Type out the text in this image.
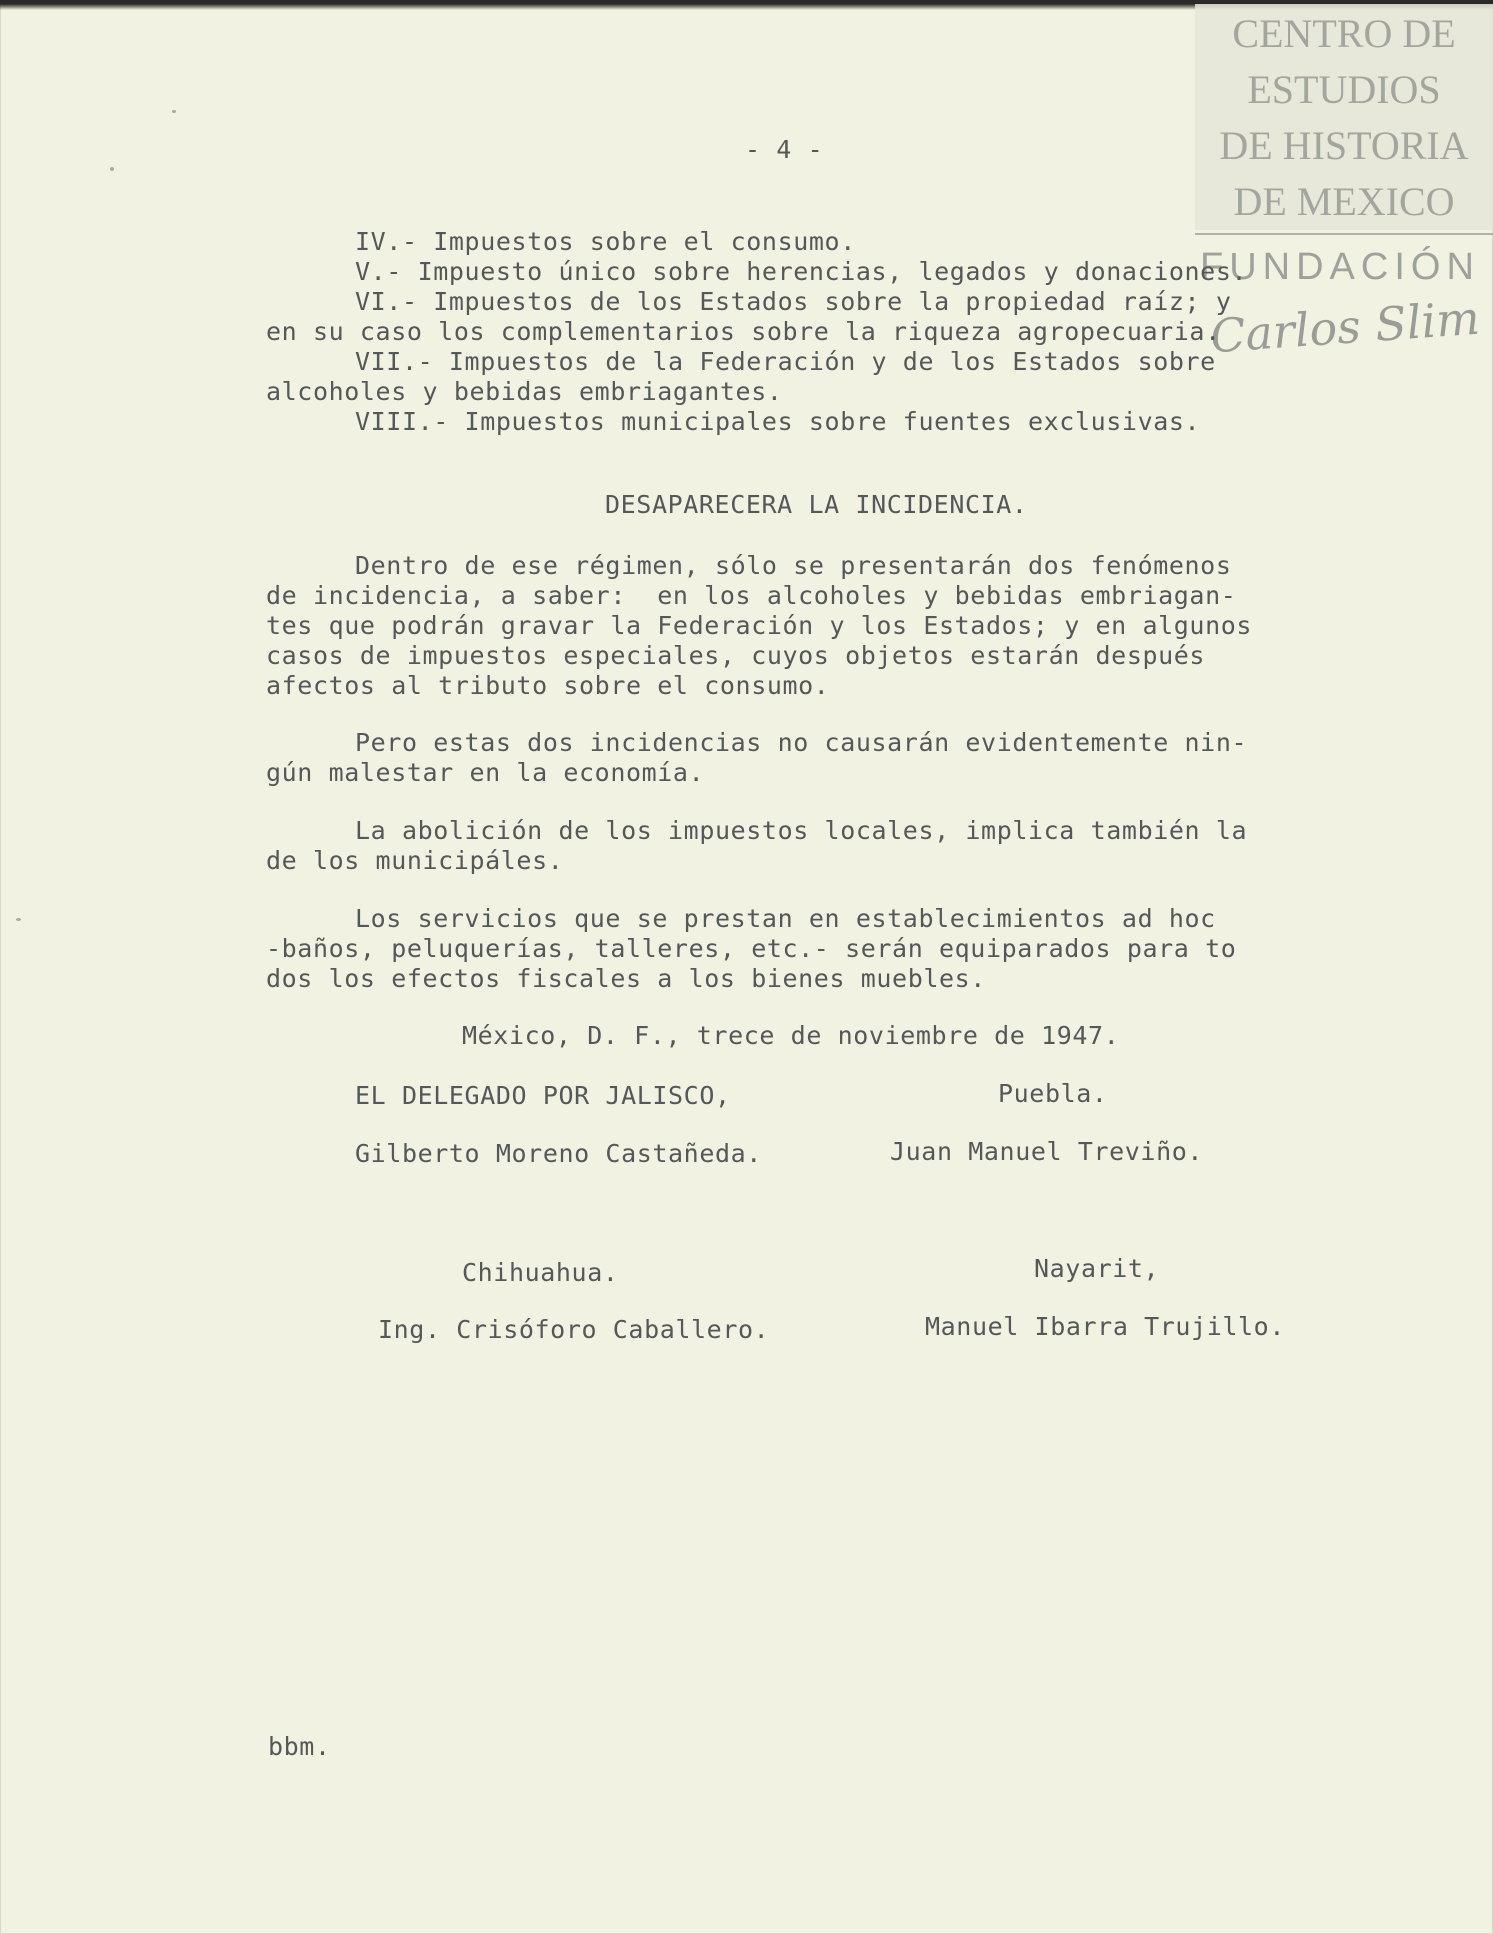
CENTRO DE
ESTUDIOS
DE HISTORIA
DE MEXICO
FUNDACIÓN
Carlos Slim
- 4 -
IV.- Impuestos sobre el consumo.
V.- Impuesto único sobre herencias, legados y donaciones.
VI.- Impuestos de los Estados sobre la propiedad raíz; y
en su caso los complementarios sobre la riqueza agropecuaria.
VII.- Impuestos de la Federación y de los Estados sobre
alcoholes y bebidas embriagantes.
VIII.- Impuestos municipales sobre fuentes exclusivas.
DESAPARECERA LA INCIDENCIA.
Dentro de ese régimen, sólo se presentarán dos fenómenos
de incidencia, a saber:  en los alcoholes y bebidas embriagan-
tes que podrán gravar la Federación y los Estados; y en algunos
casos de impuestos especiales, cuyos objetos estarán después
afectos al tributo sobre el consumo.
Pero estas dos incidencias no causarán evidentemente nin-
gún malestar en la economía.
La abolición de los impuestos locales, implica también la
de los municipáles.
Los servicios que se prestan en establecimientos ad hoc
-baños, peluquerías, talleres, etc.- serán equiparados para to
dos los efectos fiscales a los bienes muebles.
México, D. F., trece de noviembre de 1947.
EL DELEGADO POR JALISCO,	Puebla.
Gilberto Moreno Castañeda.	Juan Manuel Treviño.
Chihuahua.	Nayarit,
Ing. Crisóforo Caballero.	Manuel Ibarra Trujillo.
bbm.
